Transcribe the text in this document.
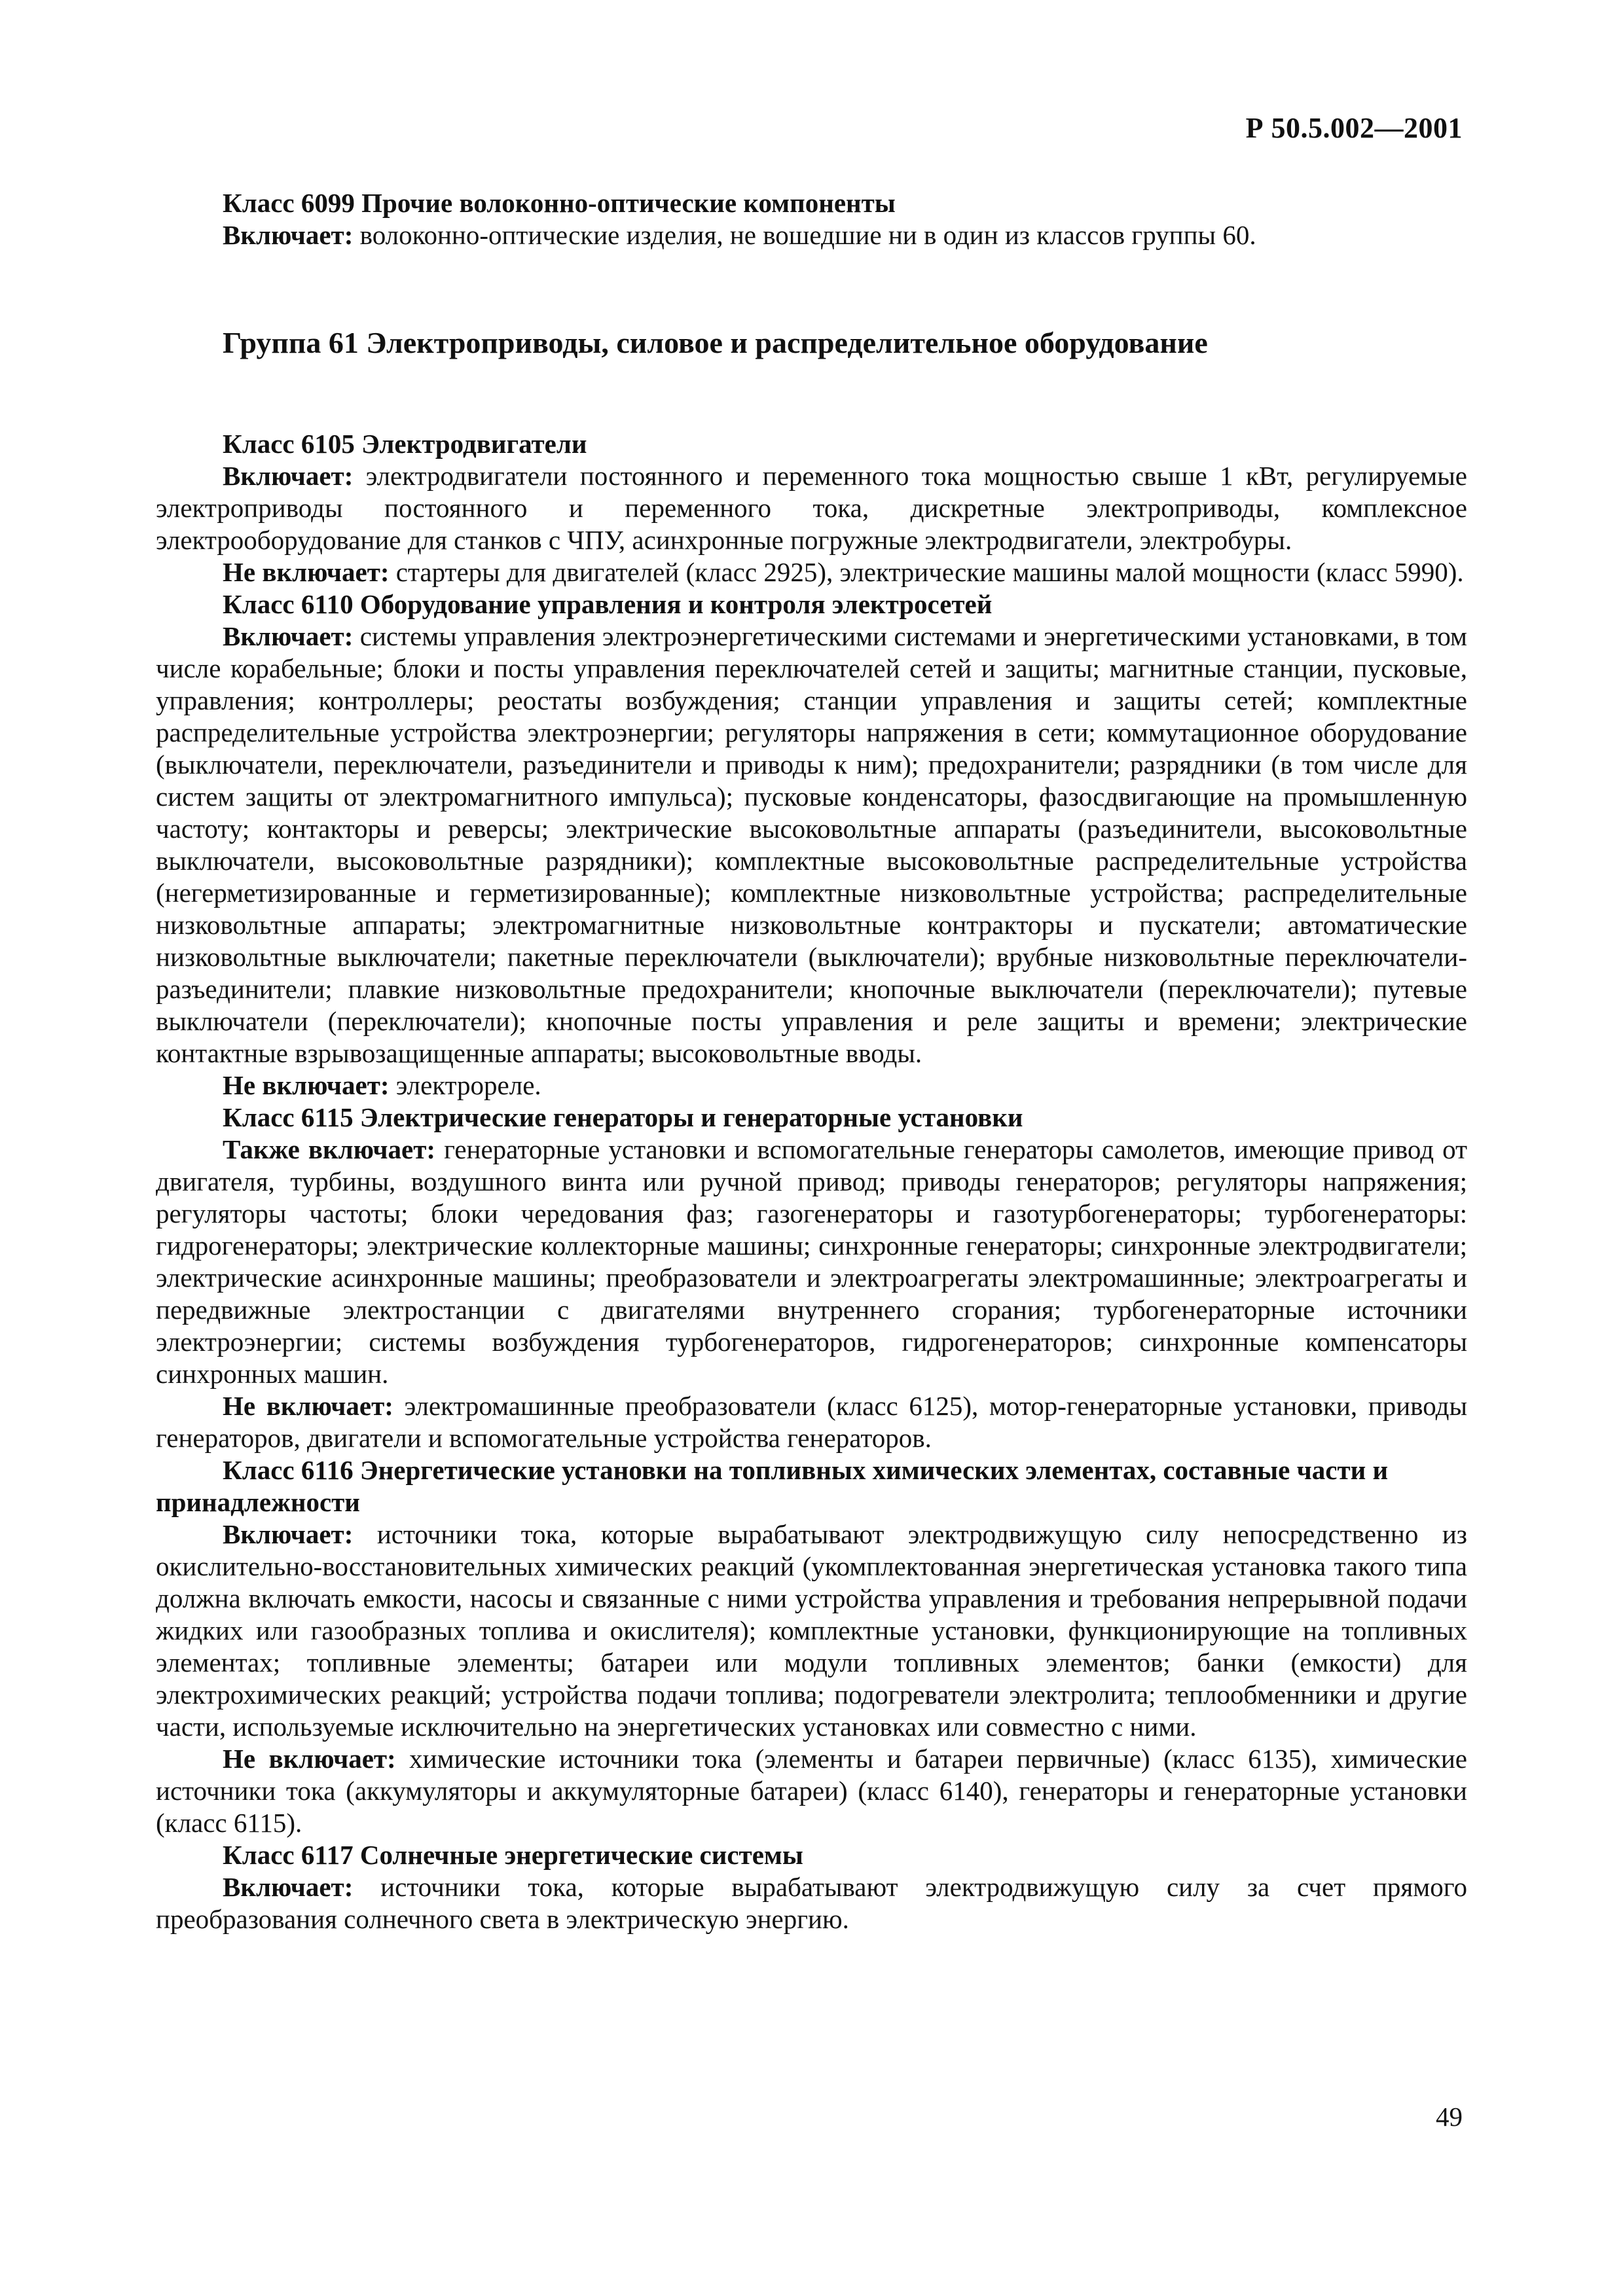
Р 50.5.002—2001

Класс 6099 Прочие волоконно-оптические компоненты

Включает: волоконно-оптические изделия, не вошедшие ни в один из классов группы 60.

Группа 61 Электроприводы, силовое и распределительное оборудование

Класс 6105 Электродвигатели

Включает: электродвигатели постоянного и переменного тока мощностью свыше 1 кВт, регулируемые электроприводы постоянного и переменного тока, дискретные электроприводы, комплексное электрооборудование для станков с ЧПУ, асинхронные погружные электродвигатели, электробуры.

Не включает: стартеры для двигателей (класс 2925), электрические машины малой мощности (класс 5990).

Класс 6110 Оборудование управления и контроля электросетей

Включает: системы управления электроэнергетическими системами и энергетическими установками, в том числе корабельные; блоки и посты управления переключателей сетей и защиты; магнитные станции, пусковые, управления; контроллеры; реостаты возбуждения; станции управления и защиты сетей; комплектные распределительные устройства электроэнергии; регуляторы напряжения в сети; коммутационное оборудование (выключатели, переключатели, разъединители и приводы к ним); предохранители; разрядники (в том числе для систем защиты от электромагнитного импульса); пусковые конденсаторы, фазосдвигающие на промышленную частоту; контакторы и реверсы; электрические высоковольтные аппараты (разъединители, высоковольтные выключатели, высоковольтные разрядники); комплектные высоковольтные распределительные устройства (негерметизированные и герметизированные); комплектные низковольтные устройства; распределительные низковольтные аппараты; электромагнитные низковольтные контракторы и пускатели; автоматические низковольтные выключатели; пакетные переключатели (выключатели); врубные низковольтные переключатели-разъединители; плавкие низковольтные предохранители; кнопочные выключатели (переключатели); путевые выключатели (переключатели); кнопочные посты управления и реле защиты и времени; электрические контактные взрывозащищенные аппараты; высоковольтные вводы.

Не включает: электрореле.

Класс 6115 Электрические генераторы и генераторные установки

Также включает: генераторные установки и вспомогательные генераторы самолетов, имеющие привод от двигателя, турбины, воздушного винта или ручной привод; приводы генераторов; регуляторы напряжения; регуляторы частоты; блоки чередования фаз; газогенераторы и газотурбогенераторы; турбогенераторы: гидрогенераторы; электрические коллекторные машины; синхронные генераторы; синхронные электродвигатели; электрические асинхронные машины; преобразователи и электроагрегаты электромашинные; электроагрегаты и передвижные электростанции с двигателями внутреннего сгорания; турбогенераторные источники электроэнергии; системы возбуждения турбогенераторов, гидрогенераторов; синхронные компенсаторы синхронных машин.

Не включает: электромашинные преобразователи (класс 6125), мотор-генераторные установки, приводы генераторов, двигатели и вспомогательные устройства генераторов.

Класс 6116 Энергетические установки на топливных химических элементах, составные части и принадлежности

Включает: источники тока, которые вырабатывают электродвижущую силу непосредственно из окислительно-восстановительных химических реакций (укомплектованная энергетическая установка такого типа должна включать емкости, насосы и связанные с ними устройства управления и требования непрерывной подачи жидких или газообразных топлива и окислителя); комплектные установки, функционирующие на топливных элементах; топливные элементы; батареи или модули топливных элементов; банки (емкости) для электрохимических реакций; устройства подачи топлива; подогреватели электролита; теплообменники и другие части, используемые исключительно на энергетических установках или совместно с ними.

Не включает: химические источники тока (элементы и батареи первичные) (класс 6135), химические источники тока (аккумуляторы и аккумуляторные батареи) (класс 6140), генераторы и генераторные установки (класс 6115).

Класс 6117 Солнечные энергетические системы

Включает: источники тока, которые вырабатывают электродвижущую силу за счет прямого преобразования солнечного света в электрическую энергию.

49
